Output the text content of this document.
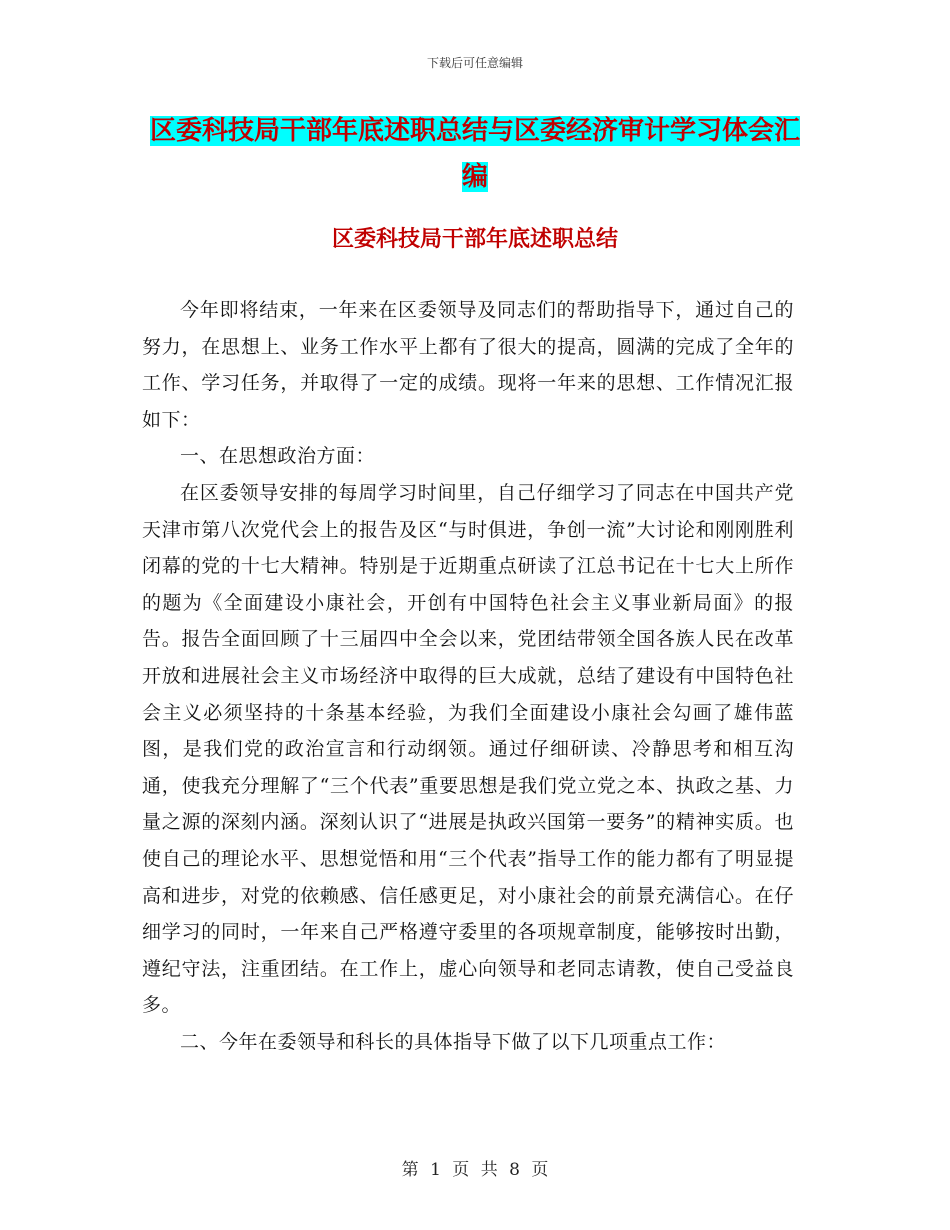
下载后可任意编辑
区委科技局干部年底述职总结与区委经济审计学习体会汇编
区委科技局干部年底述职总结

今年即将结束，一年来在区委领导及同志们的帮助指导下，通过自己的努力，在思想上、业务工作水平上都有了很大的提高，圆满的完成了全年的工作、学习任务，并取得了一定的成绩。现将一年来的思想、工作情况汇报如下：

一、在思想政治方面：

在区委领导安排的每周学习时间里，自己仔细学习了同志在中国共产党天津市第八次党代会上的报告及区“与时俱进，争创一流”大讨论和刚刚胜利闭幕的党的十七大精神。特别是于近期重点研读了江总书记在十七大上所作的题为《全面建设小康社会，开创有中国特色社会主义事业新局面》的报告。报告全面回顾了十三届四中全会以来，党团结带领全国各族人民在改革开放和进展社会主义市场经济中取得的巨大成就，总结了建设有中国特色社会主义必须坚持的十条基本经验，为我们全面建设小康社会勾画了雄伟蓝图，是我们党的政治宣言和行动纲领。通过仔细研读、冷静思考和相互沟通，使我充分理解了“三个代表”重要思想是我们党立党之本、执政之基、力量之源的深刻内涵。深刻认识了“进展是执政兴国第一要务”的精神实质。也使自己的理论水平、思想觉悟和用“三个代表”指导工作的能力都有了明显提高和进步，对党的依赖感、信任感更足，对小康社会的前景充满信心。在仔细学习的同时，一年来自己严格遵守委里的各项规章制度，能够按时出勤，遵纪守法，注重团结。在工作上，虚心向领导和老同志请教，使自己受益良多。

二、今年在委领导和科长的具体指导下做了以下几项重点工作：

第 1 页 共 8 页
